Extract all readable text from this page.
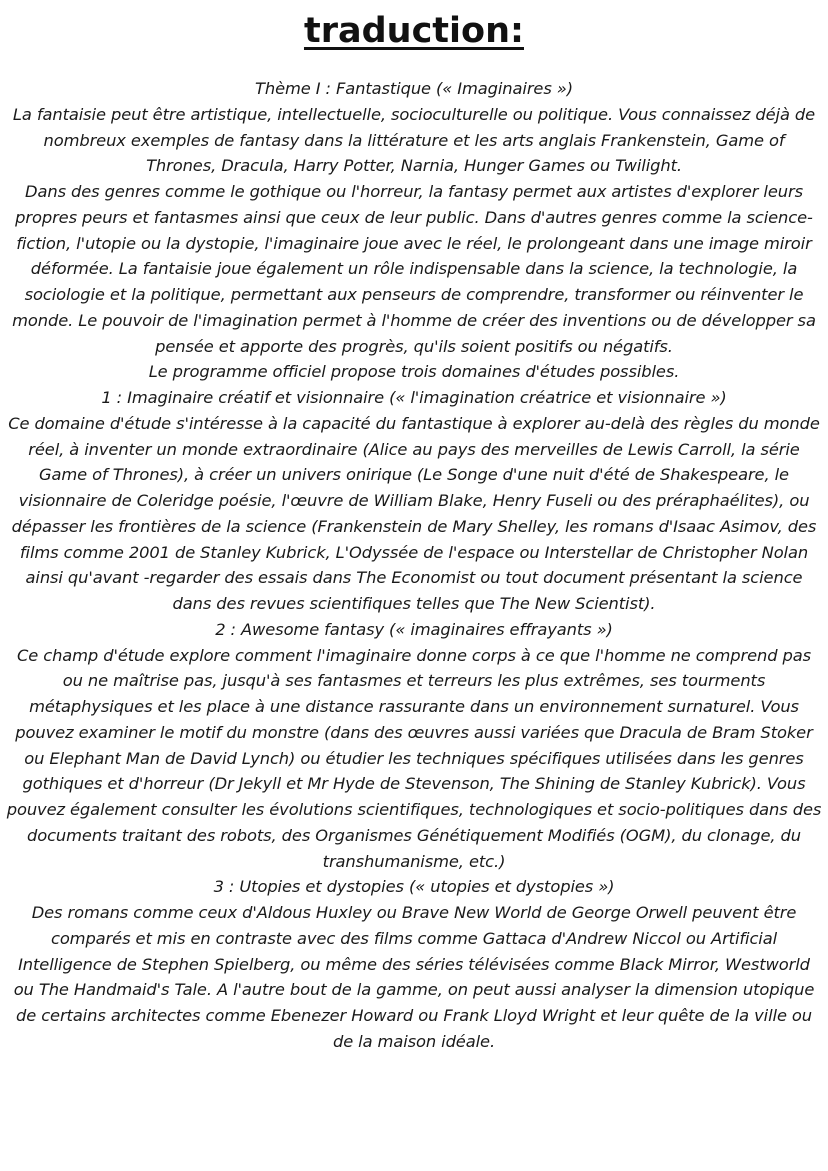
traduction:

Thème I : Fantastique (« Imaginaires »)

La fantaisie peut être artistique, intellectuelle, socioculturelle ou politique. Vous connaissez déjà de nombreux exemples de fantasy dans la littérature et les arts anglais Frankenstein, Game of Thrones, Dracula, Harry Potter, Narnia, Hunger Games ou Twilight.

Dans des genres comme le gothique ou l'horreur, la fantasy permet aux artistes d'explorer leurs propres peurs et fantasmes ainsi que ceux de leur public. Dans d'autres genres comme la science-fiction, l'utopie ou la dystopie, l'imaginaire joue avec le réel, le prolongeant dans une image miroir déformée. La fantaisie joue également un rôle indispensable dans la science, la technologie, la sociologie et la politique, permettant aux penseurs de comprendre, transformer ou réinventer le monde. Le pouvoir de l'imagination permet à l'homme de créer des inventions ou de développer sa pensée et apporte des progrès, qu'ils soient positifs ou négatifs.

Le programme officiel propose trois domaines d'études possibles.

1 : Imaginaire créatif et visionnaire (« l'imagination créatrice et visionnaire »)

Ce domaine d'étude s'intéresse à la capacité du fantastique à explorer au-delà des règles du monde réel, à inventer un monde extraordinaire (Alice au pays des merveilles de Lewis Carroll, la série Game of Thrones), à créer un univers onirique (Le Songe d'une nuit d'été de Shakespeare, le visionnaire de Coleridge poésie, l'œuvre de William Blake, Henry Fuseli ou des préraphaélites), ou dépasser les frontières de la science (Frankenstein de Mary Shelley, les romans d'Isaac Asimov, des films comme 2001 de Stanley Kubrick, L'Odyssée de l'espace ou Interstellar de Christopher Nolan ainsi qu'avant -regarder des essais dans The Economist ou tout document présentant la science dans des revues scientifiques telles que The New Scientist).

2 : Awesome fantasy (« imaginaires effrayants »)

Ce champ d'étude explore comment l'imaginaire donne corps à ce que l'homme ne comprend pas ou ne maîtrise pas, jusqu'à ses fantasmes et terreurs les plus extrêmes, ses tourments métaphysiques et les place à une distance rassurante dans un environnement surnaturel. Vous pouvez examiner le motif du monstre (dans des œuvres aussi variées que Dracula de Bram Stoker ou Elephant Man de David Lynch) ou étudier les techniques spécifiques utilisées dans les genres gothiques et d'horreur (Dr Jekyll et Mr Hyde de Stevenson, The Shining de Stanley Kubrick). Vous pouvez également consulter les évolutions scientifiques, technologiques et socio-politiques dans des documents traitant des robots, des Organismes Génétiquement Modifiés (OGM), du clonage, du transhumanisme, etc.)

3 : Utopies et dystopies (« utopies et dystopies »)

Des romans comme ceux d'Aldous Huxley ou Brave New World de George Orwell peuvent être comparés et mis en contraste avec des films comme Gattaca d'Andrew Niccol ou Artificial Intelligence de Stephen Spielberg, ou même des séries télévisées comme Black Mirror, Westworld ou The Handmaid's Tale. A l'autre bout de la gamme, on peut aussi analyser la dimension utopique de certains architectes comme Ebenezer Howard ou Frank Lloyd Wright et leur quête de la ville ou de la maison idéale.
